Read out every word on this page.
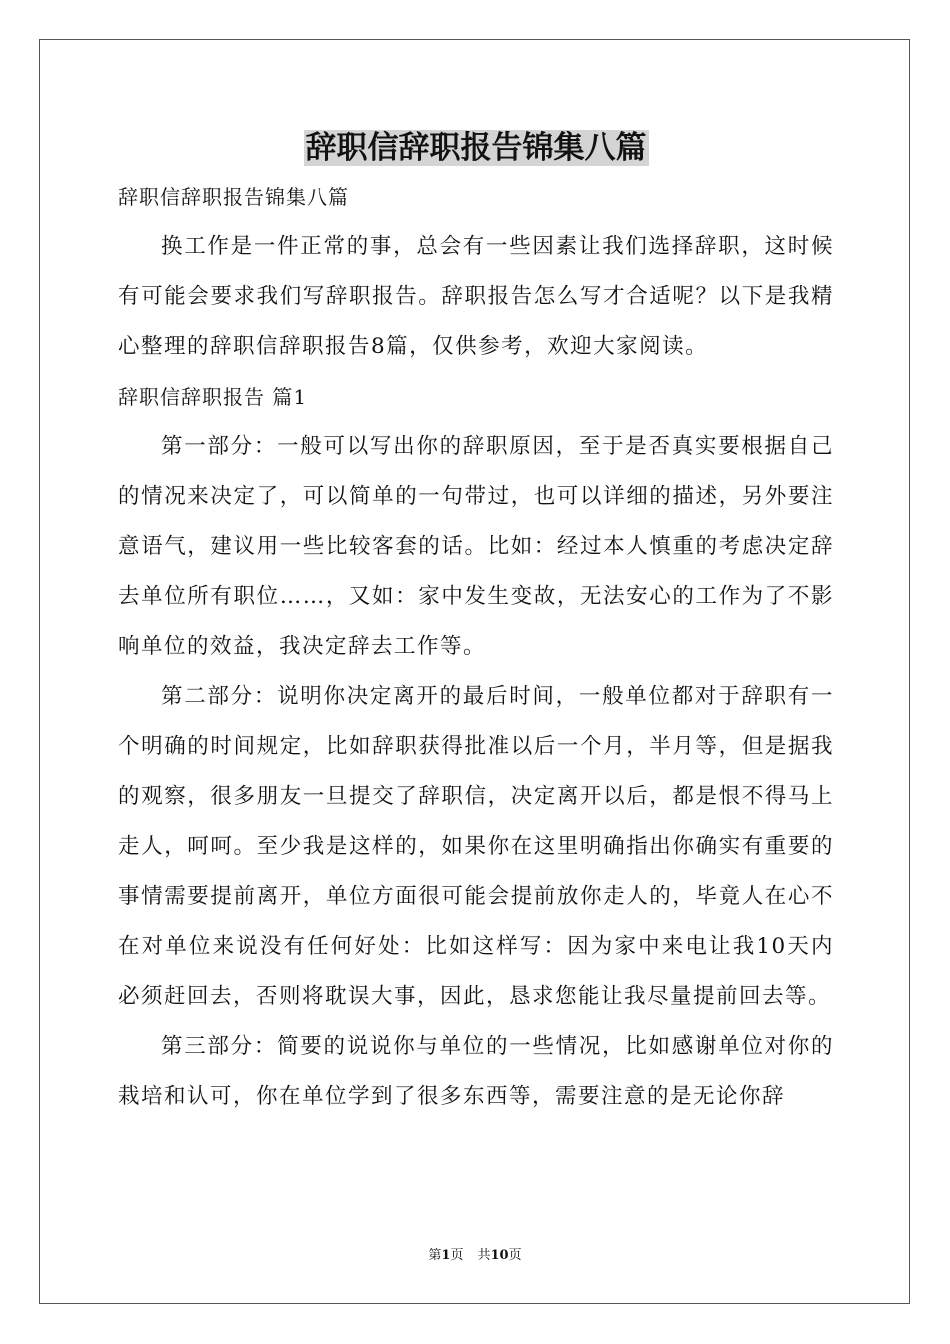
辞职信辞职报告锦集八篇

辞职信辞职报告锦集八篇

换工作是一件正常的事，总会有一些因素让我们选择辞职，这时候有可能会要求我们写辞职报告。辞职报告怎么写才合适呢？以下是我精心整理的辞职信辞职报告8篇，仅供参考，欢迎大家阅读。

辞职信辞职报告 篇1

第一部分：一般可以写出你的辞职原因，至于是否真实要根据自己的情况来决定了，可以简单的一句带过，也可以详细的描述，另外要注意语气，建议用一些比较客套的话。比如：经过本人慎重的考虑决定辞去单位所有职位……，又如：家中发生变故，无法安心的工作为了不影响单位的效益，我决定辞去工作等。

第二部分：说明你决定离开的最后时间，一般单位都对于辞职有一个明确的时间规定，比如辞职获得批准以后一个月，半月等，但是据我的观察，很多朋友一旦提交了辞职信，决定离开以后，都是恨不得马上走人，呵呵。至少我是这样的，如果你在这里明确指出你确实有重要的事情需要提前离开，单位方面很可能会提前放你走人的，毕竟人在心不在对单位来说没有任何好处：比如这样写：因为家中来电让我10天内必须赶回去，否则将耽误大事，因此，恳求您能让我尽量提前回去等。

第三部分：简要的说说你与单位的一些情况，比如感谢单位对你的栽培和认可，你在单位学到了很多东西等，需要注意的是无论你辞

第1页 共10页
